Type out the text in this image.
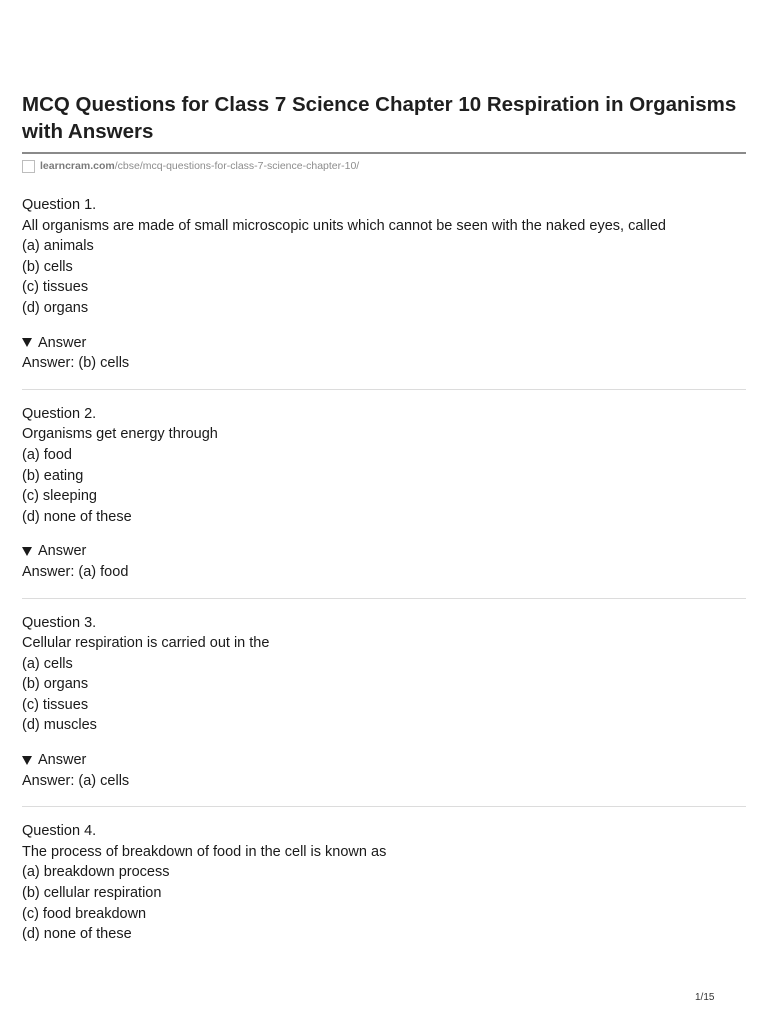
MCQ Questions for Class 7 Science Chapter 10 Respiration in Organisms with Answers
learncram.com /cbse/mcq-questions-for-class-7-science-chapter-10/
Question 1.
All organisms are made of small microscopic units which cannot be seen with the naked eyes, called
(a) animals
(b) cells
(c) tissues
(d) organs
Answer
Answer: (b) cells
Question 2.
Organisms get energy through
(a) food
(b) eating
(c) sleeping
(d) none of these
Answer
Answer: (a) food
Question 3.
Cellular respiration is carried out in the
(a) cells
(b) organs
(c) tissues
(d) muscles
Answer
Answer: (a) cells
Question 4.
The process of breakdown of food in the cell is known as
(a) breakdown process
(b) cellular respiration
(c) food breakdown
(d) none of these
1/15
